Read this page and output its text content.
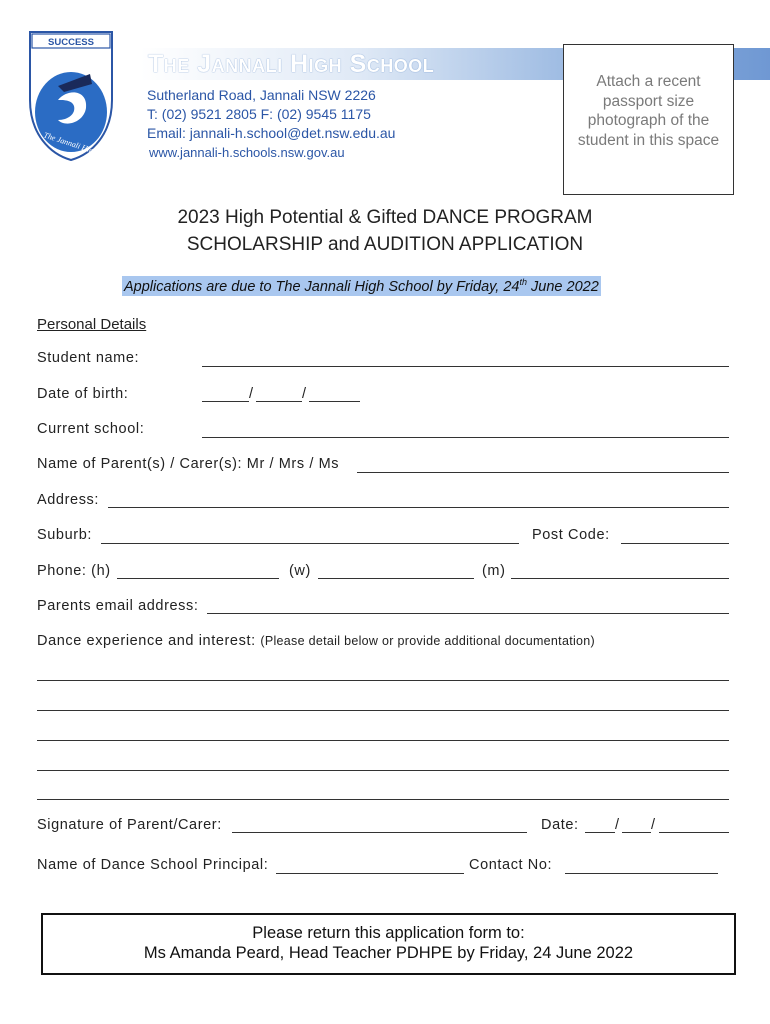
The Jannali High School
Sutherland Road, Jannali NSW 2226
T: (02) 9521 2805 F: (02) 9545 1175
Email: jannali-h.school@det.nsw.edu.au
www.jannali-h.schools.nsw.gov.au
SUCCESS
The Jannali High
Attach a recent passport size photograph of the student in this space
2023 High Potential & Gifted DANCE PROGRAM
SCHOLARSHIP and AUDITION APPLICATION
Applications are due to The Jannali High School by Friday, 24th June 2022
Personal Details
Student name:
Date of birth:	/	/
Current school:
Name of Parent(s) / Carer(s): Mr / Mrs / Ms
Address:
Suburb:	Post Code:
Phone: (h)	(w)	(m)
Parents email address:
Dance experience and interest: (Please detail below or provide additional documentation)
Signature of Parent/Carer:	Date:	/ /
Name of Dance School Principal:	Contact No:
Please return this application form to:
Ms Amanda Peard, Head Teacher PDHPE by Friday, 24 June 2022
